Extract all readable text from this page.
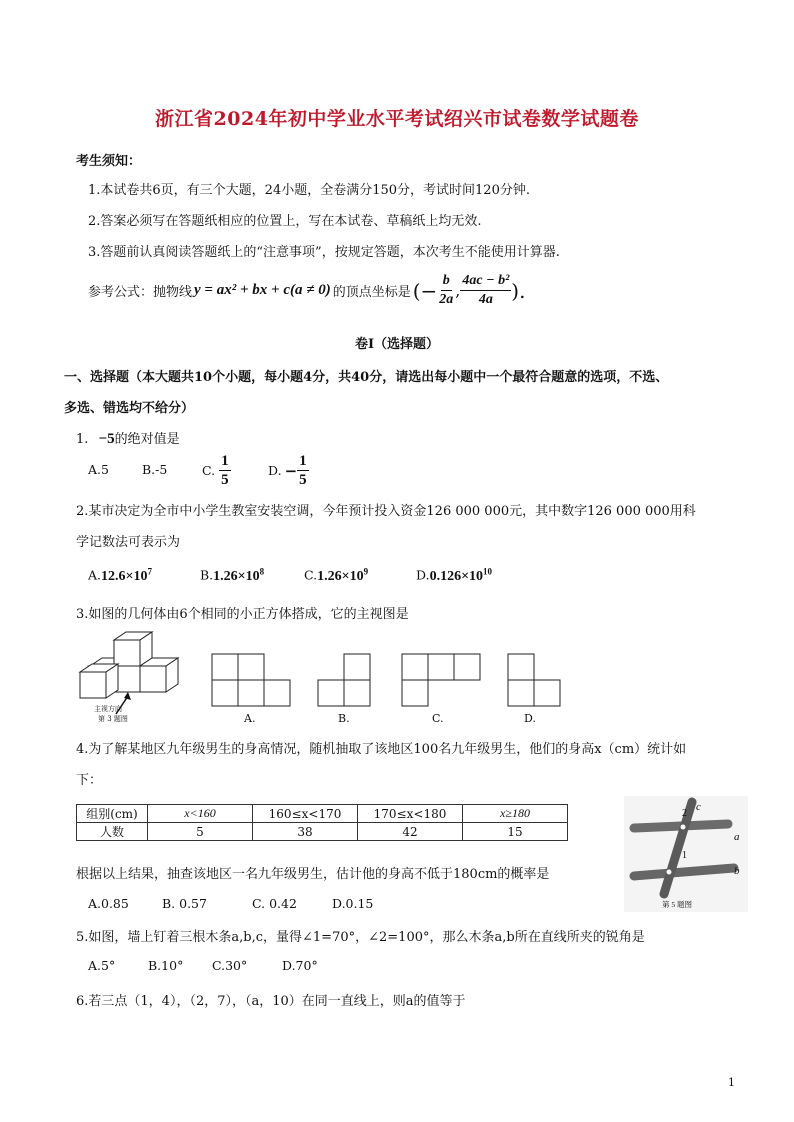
浙江省2024年初中学业水平考试绍兴市试卷数学试题卷
考生须知：
1.本试卷共6页，有三个大题，24小题，全卷满分150分，考试时间120分钟.
2.答案必须写在答题纸相应的位置上，写在本试卷、草稿纸上均无效.
3.答题前认真阅读答题纸上的“注意事项”，按规定答题，本次考生不能使用计算器.
参考公式：抛物线 y = ax² + bx + c(a ≠ 0) 的顶点坐标是 (− $\frac{b}{2a}$ , $\frac{\text{4ac − b²}}{4a}$ ).
卷Ⅰ（选择题）
一、选择题（本大题共10个小题，每小题4分，共40分，请选出每小题中一个最符合题意的选项，不选、
多选、错选均不给分）
1. −5的绝对值是
A.5	B.-5	C. $\frac{1}{5}$	D. − $\frac{1}{5}$
2.某市决定为全市中小学生教室安装空调，今年预计投入资金126 000 000元，其中数字126 000 000用科
学记数法可表示为
$A.12.6\times 10^7$	$B.1.26\times 10^8$	$C.1.26\times 10^9$	$D.0.126\times 10^{10}$
3.如图的几何体由6个相同的小正方体搭成，它的主视图是
主视方向
第 3 题图	A.	B.	C.	D.
4.为了解某地区九年级男生的身高情况，随机抽取了该地区100名九年级男生，他们的身高x（cm）统计如
下：
组别(cm)	x<160	160≤x<170	170≤x<180	x≥180
人数	5	38	42	15
根据以上结果，抽查该地区一名九年级男生，估计他的身高不低于180cm的概率是
A.0.85	B. 0.57	C. 0.42	D.0.15
a
b
c
1
2
第 5 题图
5.如图，墙上钉着三根木条a,b,c，量得∠1=70°，∠2=100°，那么木条a,b所在直线所夹的锐角是
A.5°	B.10° C.30°	D.70°
6.若三点（1，4），（2，7），（a，10）在同一直线上，则a的值等于
1
